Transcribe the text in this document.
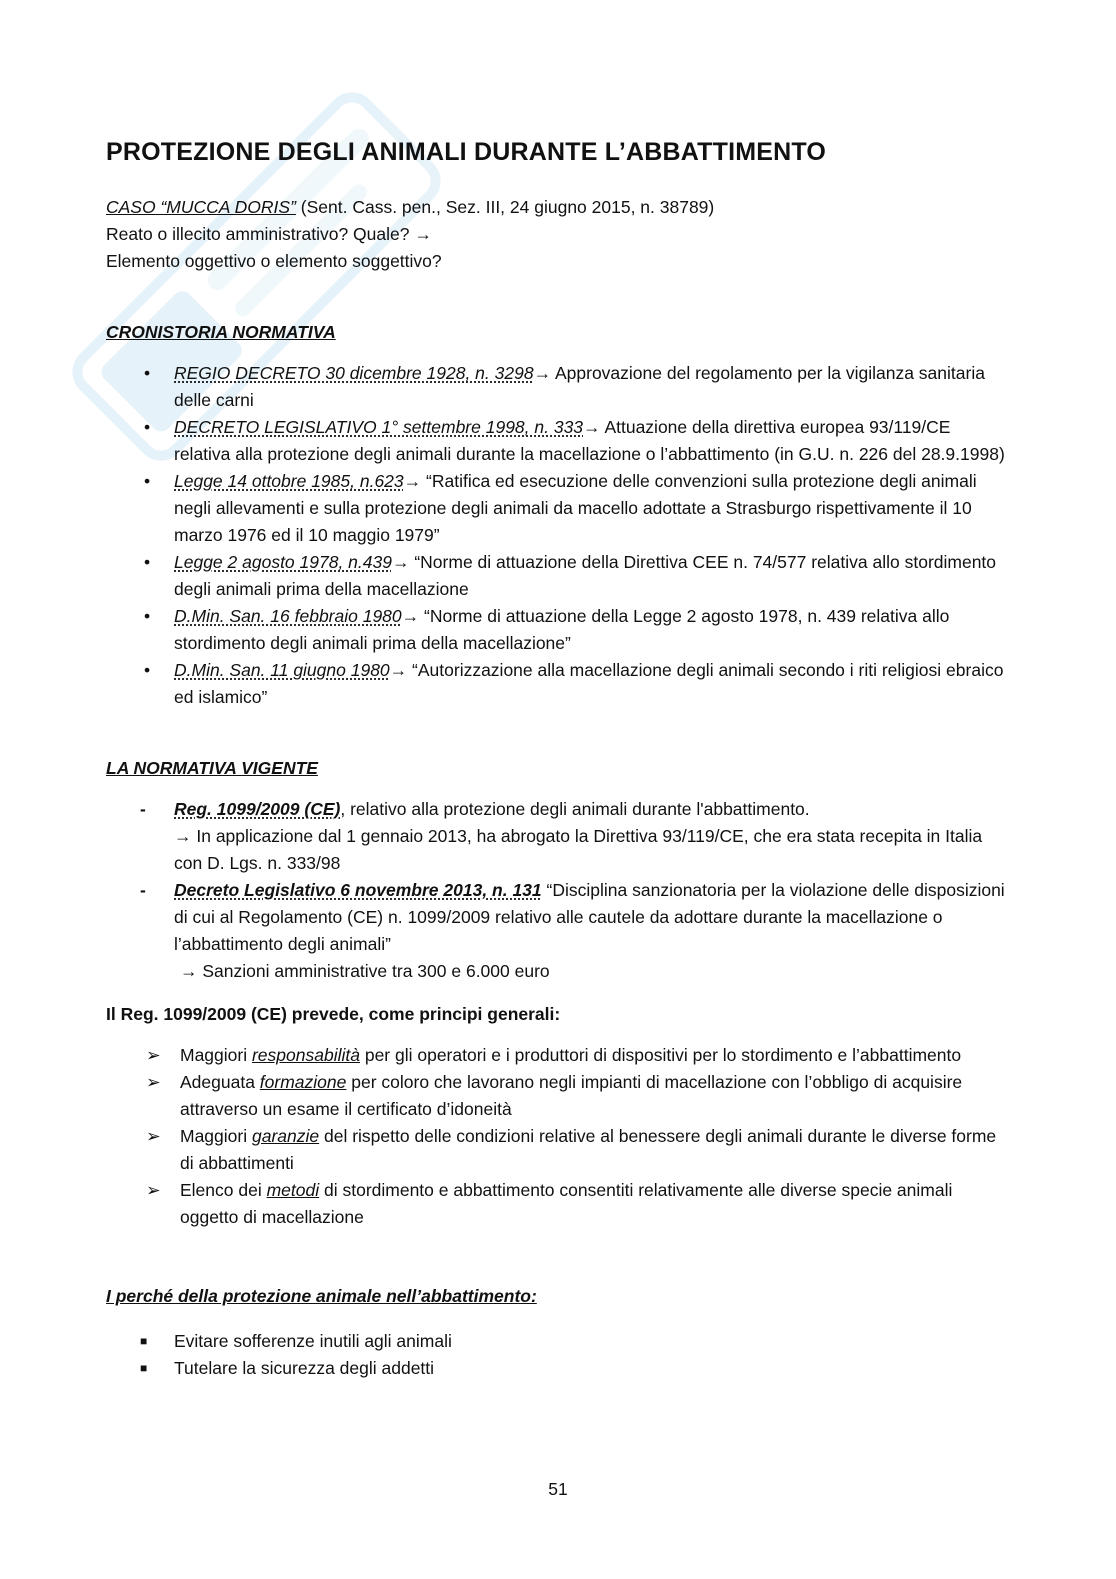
PROTEZIONE DEGLI ANIMALI DURANTE L’ABBATTIMENTO

CASO “MUCCA DORIS” (Sent. Cass. pen., Sez. III, 24 giugno 2015, n. 38789)

Reato o illecito amministrativo? Quale? →

Elemento oggettivo o elemento soggettivo?

CRONISTORIA NORMATIVA

• REGIO DECRETO 30 dicembre 1928, n. 3298→ Approvazione del regolamento per la vigilanza sanitaria delle carni
• DECRETO LEGISLATIVO 1° settembre 1998, n. 333→ Attuazione della direttiva europea 93/119/CE relativa alla protezione degli animali durante la macellazione o l’abbattimento (in G.U. n. 226 del 28.9.1998)
• Legge 14 ottobre 1985, n.623→ “Ratifica ed esecuzione delle convenzioni sulla protezione degli animali negli allevamenti e sulla protezione degli animali da macello adottate a Strasburgo rispettivamente il 10 marzo 1976 ed il 10 maggio 1979”
• Legge 2 agosto 1978, n.439→ “Norme di attuazione della Direttiva CEE n. 74/577 relativa allo stordimento degli animali prima della macellazione
• D.Min. San. 16 febbraio 1980→ “Norme di attuazione della Legge 2 agosto 1978, n. 439 relativa allo stordimento degli animali prima della macellazione”
• D.Min. San. 11 giugno 1980→ “Autorizzazione alla macellazione degli animali secondo i riti religiosi ebraico ed islamico”

LA NORMATIVA VIGENTE

- Reg. 1099/2009 (CE), relativo alla protezione degli animali durante l'abbattimento.
→ In applicazione dal 1 gennaio 2013, ha abrogato la Direttiva 93/119/CE, che era stata recepita in Italia con D. Lgs. n. 333/98
- Decreto Legislativo 6 novembre 2013, n. 131 “Disciplina sanzionatoria per la violazione delle disposizioni di cui al Regolamento (CE) n. 1099/2009 relativo alle cautele da adottare durante la macellazione o l’abbattimento degli animali”
→ Sanzioni amministrative tra 300 e 6.000 euro

Il Reg. 1099/2009 (CE) prevede, come principi generali:

➢ Maggiori responsabilità per gli operatori e i produttori di dispositivi per lo stordimento e l’abbattimento
➢ Adeguata formazione per coloro che lavorano negli impianti di macellazione con l’obbligo di acquisire attraverso un esame il certificato d’idoneità
➢ Maggiori garanzie del rispetto delle condizioni relative al benessere degli animali durante le diverse forme di abbattimenti
➢ Elenco dei metodi di stordimento e abbattimento consentiti relativamente alle diverse specie animali oggetto di macellazione

I perché della protezione animale nell’abbattimento:

■ Evitare sofferenze inutili agli animali
■ Tutelare la sicurezza degli addetti
51
